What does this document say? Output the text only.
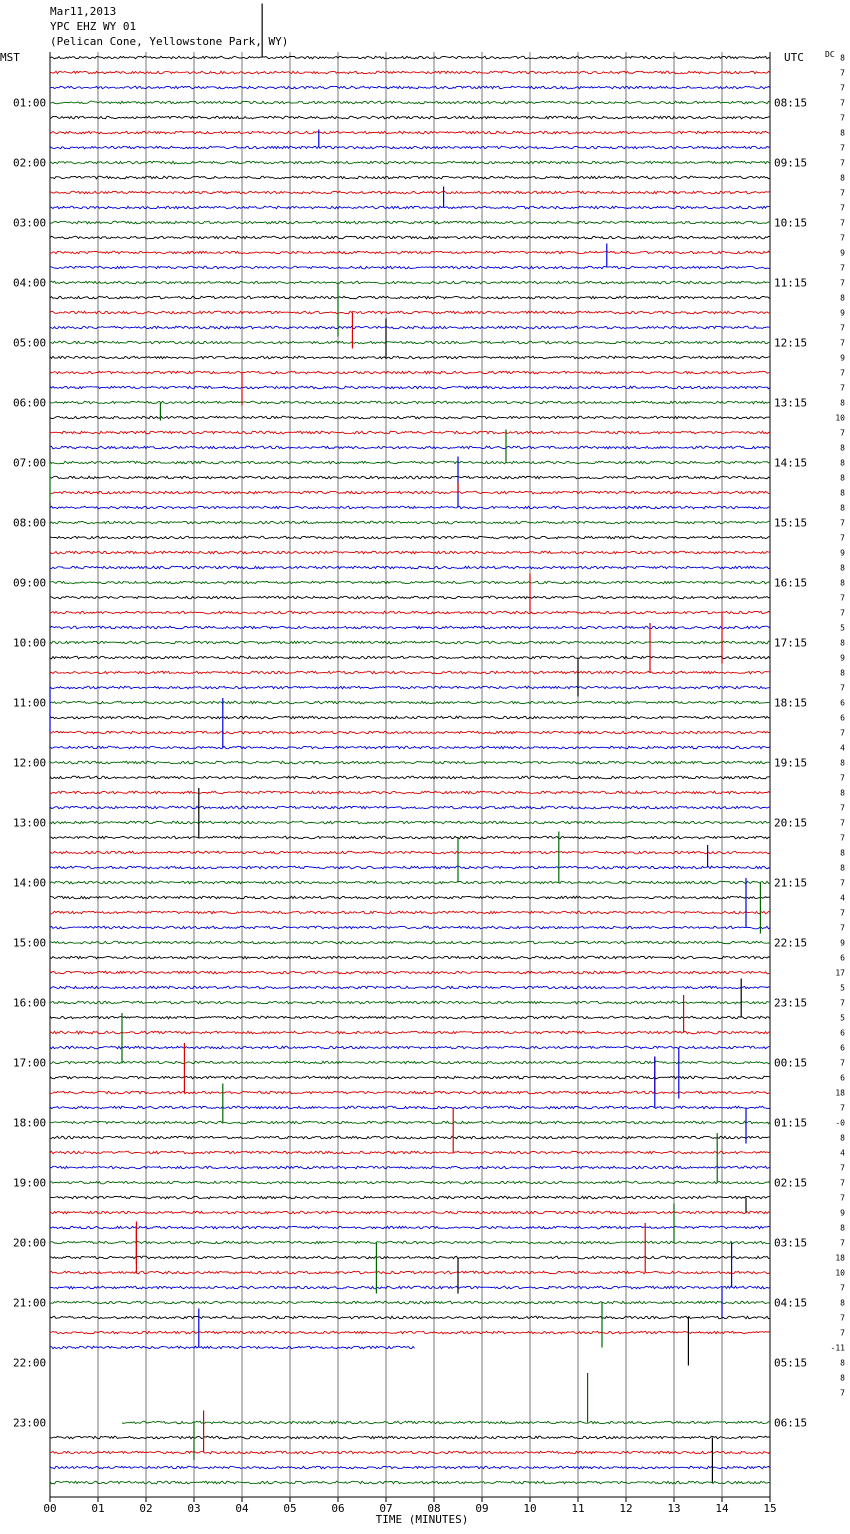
Mar11,2013
YPC EHZ WY 01
(Pelican Cone, Yellowstone Park, WY)
MST	UTC	DC
01:00
02:00
03:00
04:00
05:00
06:00
07:00
08:00
09:00
10:00
11:00
12:00
13:00
14:00
15:00
16:00
17:00
18:00
19:00
20:00
21:00
22:00
23:00
08:15
09:15
10:15
11:15
12:15
13:15
14:15
15:15
16:15
17:15
18:15
19:15
20:15
21:15
22:15
23:15
00:15
01:15
02:15
03:15
04:15
05:15
06:15
8
7
7
7
7
8
7
7
8
7
7
7
7
9
7
7
8
9
7
7
9
7
7
8
10
7
8
8
8
8
8
7
7
9
8
8
7
7
5
8
9
8
7
6
6
7
4
8
7
8
7
7
7
8
8
7
4
7
7
9
6
17
5
7
5
6
6
7
6
18
7
-0
8
4
7
7
7
9
8
7
18
10
7
8
7
7
-11
8
8
7
00	01	02	03	04	05	06	07	08	09	10	11	12	13	14	15
TIME (MINUTES)
